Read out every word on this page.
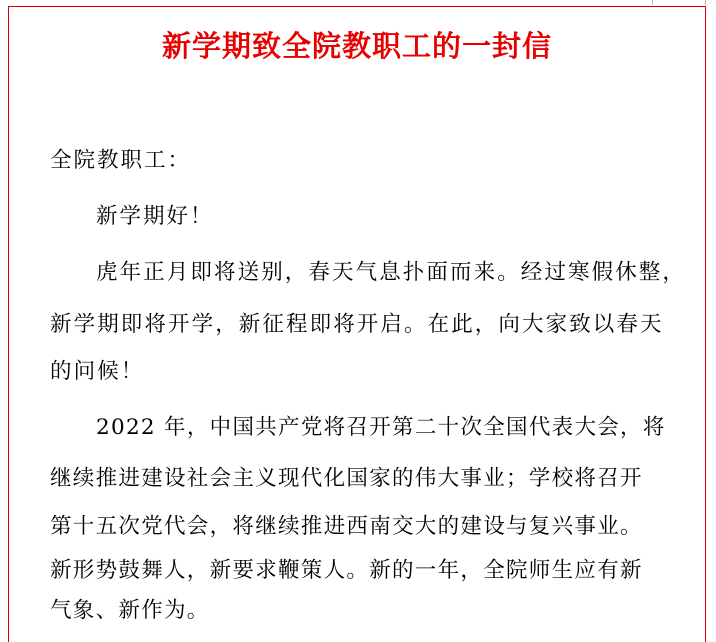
新学期致全院教职工的一封信
全院教职工：
新学期好！
虎年正月即将送别，春天气息扑面而来。经过寒假休整，
新学期即将开学，新征程即将开启。在此，向大家致以春天
的问候！
2022 年，中国共产党将召开第二十次全国代表大会，将
继续推进建设社会主义现代化国家的伟大事业；学校将召开
第十五次党代会，将继续推进西南交大的建设与复兴事业。
新形势鼓舞人，新要求鞭策人。新的一年，全院师生应有新
气象、新作为。
